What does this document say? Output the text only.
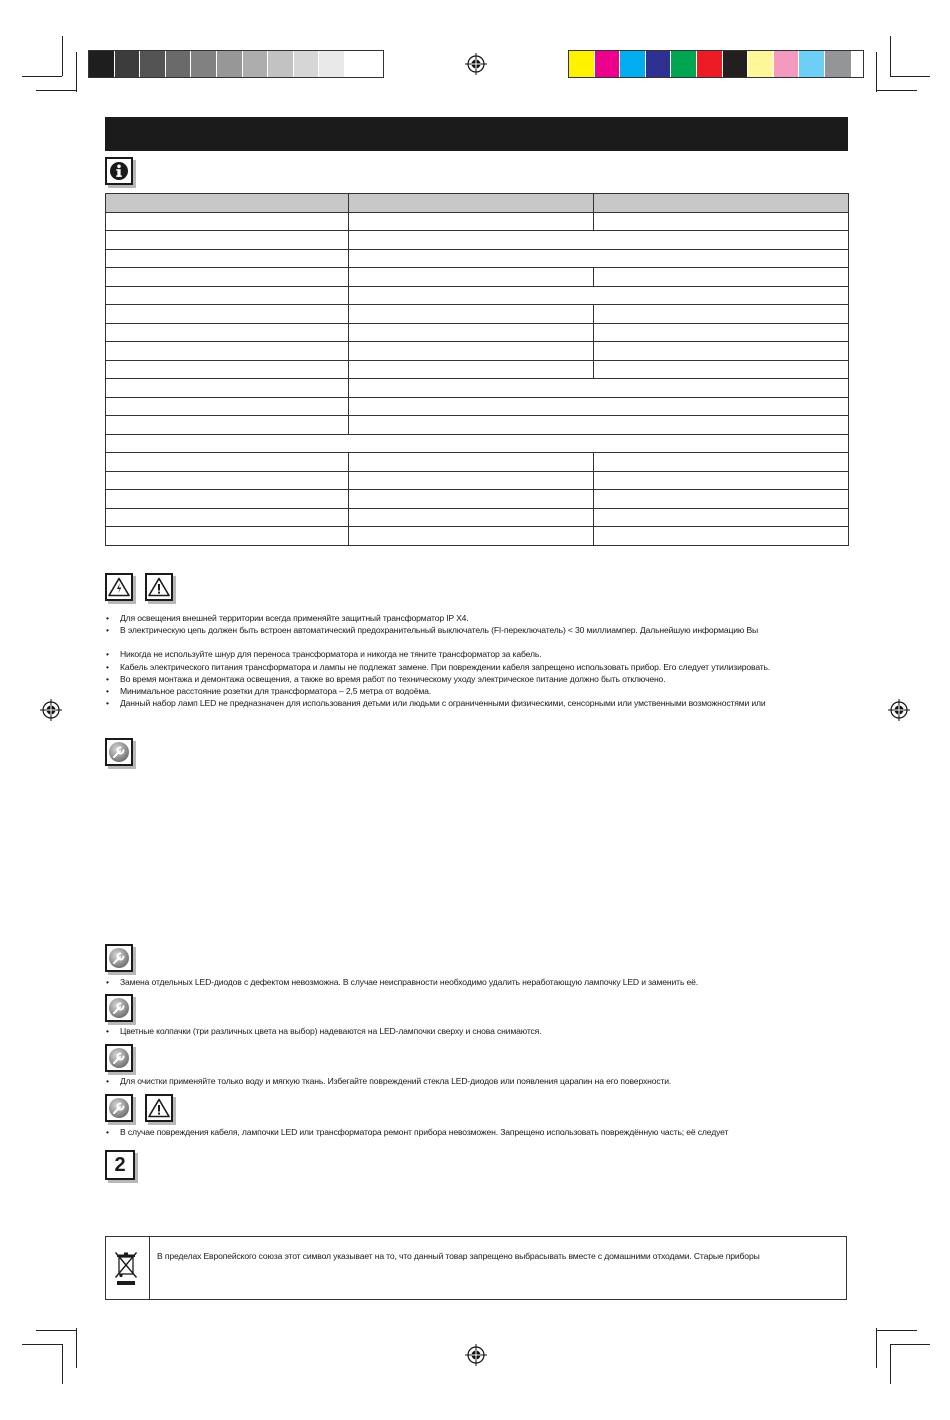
• Для освещения внешней территории всегда применяйте защитный трансформатор IP X4.
• В электрическую цепь должен быть встроен автоматический предохранительный выключатель (FI-переключатель) < 30 миллиампер. Дальнейшую информацию Вы
• Никогда не используйте шнур для переноса трансформатора и никогда не тяните трансформатор за кабель.
• Кабель электрического питания трансформатора и лампы не подлежат замене. При повреждении кабеля запрещено использовать прибор. Его следует утилизировать.
• Во время монтажа и демонтажа освещения, а также во время работ по техническому уходу электрическое питание должно быть отключено.
• Минимальное расстояние розетки для трансформатора – 2,5 метра от водоёма.
• Данный набор ламп LED не предназначен для использования детьми или людьми с ограниченными физическими, сенсорными или умственными возможностями или
• Замена отдельных LED-диодов с дефектом невозможна. В случае неисправности необходимо удалить неработающую лампочку LED и заменить её.
• Цветные колпачки (три различных цвета на выбор) надеваются на LED-лампочки сверху и снова снимаются.
• Для очистки применяйте только воду и мягкую ткань. Избегайте повреждений стекла LED-диодов или появления царапин на его поверхности.
• В случае повреждения кабеля, лампочки LED или трансформатора ремонт прибора невозможен. Запрещено использовать повреждённую часть; её следует
2
В пределах Европейского союза этот символ указывает на то, что данный товар запрещено выбрасывать вместе с домашними отходами. Старые приборы
